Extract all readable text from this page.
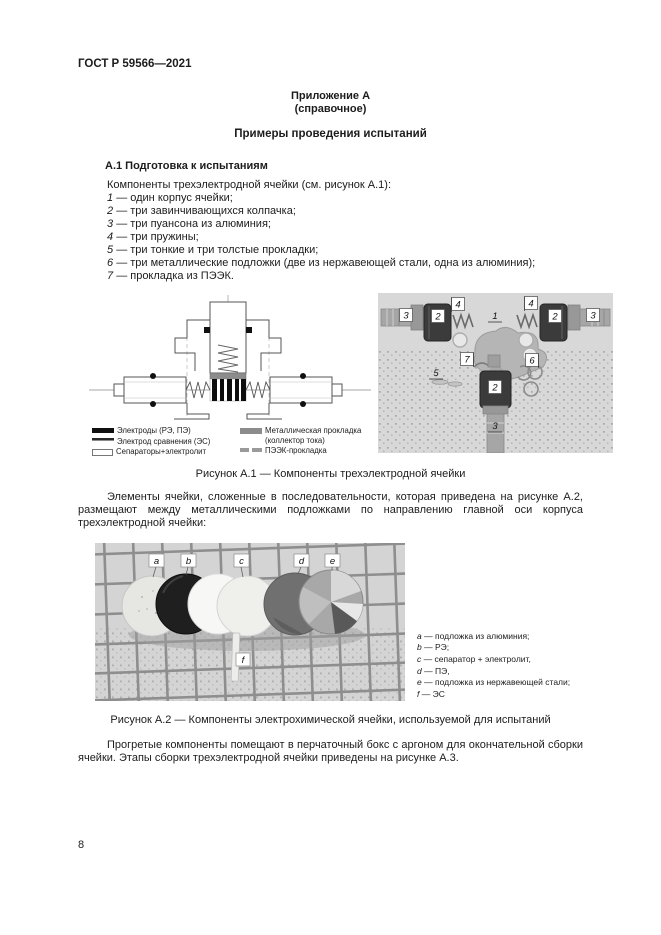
ГОСТ Р 59566—2021
Приложение А
(справочное)
Примеры проведения испытаний
А.1 Подготовка к испытаниям
Компоненты трехэлектродной ячейки (см. рисунок А.1):
1 — один корпус ячейки;
2 — три завинчивающихся колпачка;
3 — три пуансона из алюминия;
4 — три пружины;
5 — три тонкие и три толстые прокладки;
6 — три металлические подложки (две из нержавеющей стали, одна из алюминия);
7 — прокладка из ПЭЭК.
Электроды (РЭ, ПЭ)
Электрод сравнения (ЭС)
Сепараторы+электролит
Металлическая прокладка (коллектор тока)
ПЭЭК-прокладка
3	2
4
1
4
2	3
7	6
5
2
3
Рисунок А.1 — Компоненты трехэлектродной ячейки
Элементы ячейки, сложенные в последовательности, которая приведена на рисунке А.2, размещают между металлическими подложками по направлению главной оси корпуса трехэлектродной ячейки:
a	b	c	d	e
f
a — подложка из алюминия;
b — РЭ;
c — сепаратор + электролит,
d — ПЭ,
e — подложка из нержавеющей стали;
f — ЭС
Рисунок А.2 — Компоненты электрохимической ячейки, используемой для испытаний
Прогретые компоненты помещают в перчаточный бокс с аргоном для окончательной сборки ячейки. Этапы сборки трехэлектродной ячейки приведены на рисунке А.3.
8
